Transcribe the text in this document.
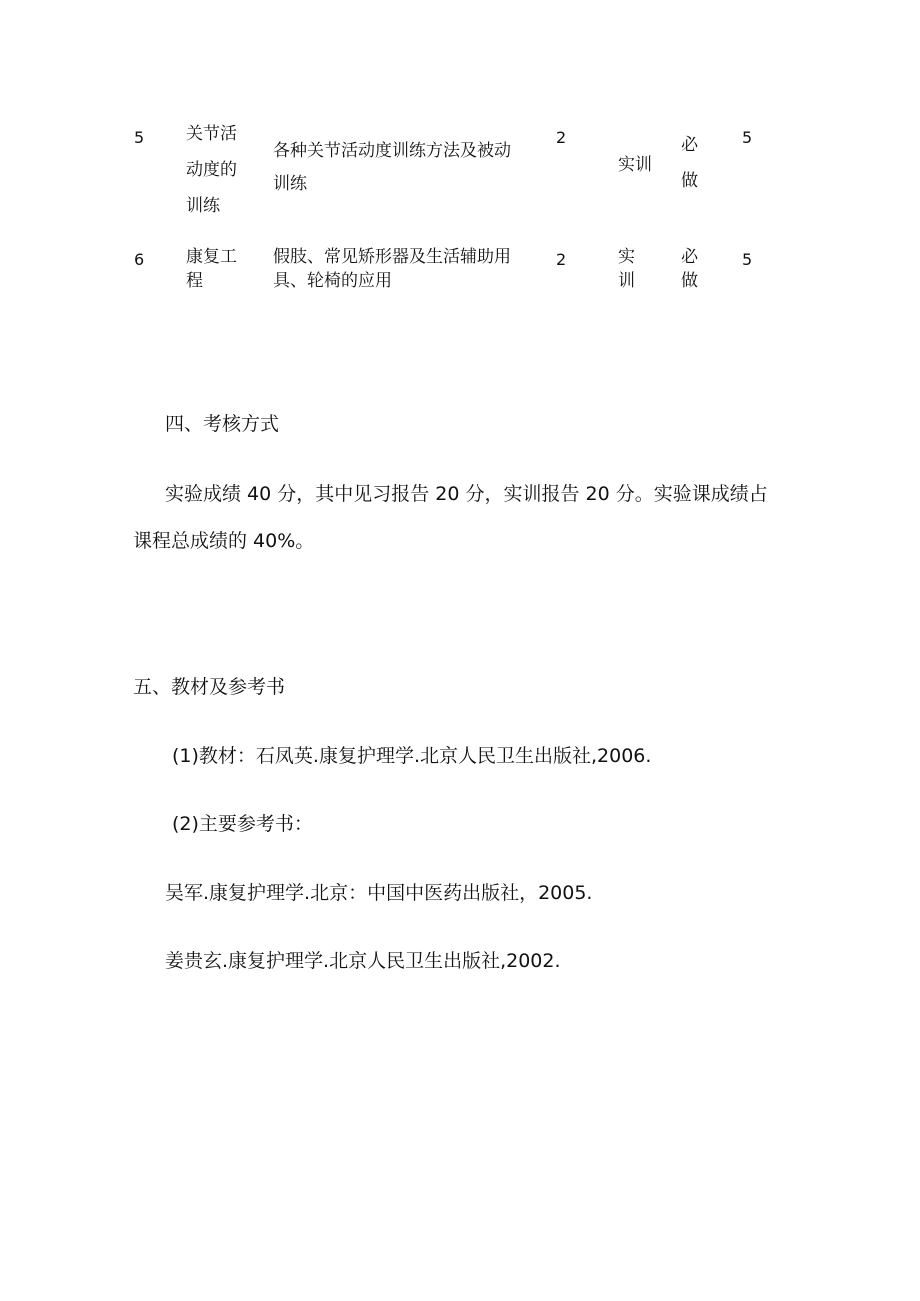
5 关节活
动度的
训练
各种关节活动度训练方法及被动
训练
2
实训
必
做
5
6 康复工
程
假肢、常见矫形器及生活辅助用
具、轮椅的应用
2	实
训
必
做
5
四、考核方式
实验成绩 40 分，其中见习报告 20 分，实训报告 20 分。实验课成绩占
课程总成绩的 40%。
五、教材及参考书
(1)教材：石凤英.康复护理学.北京人民卫生出版社,2006.
(2)主要参考书：
吴军.康复护理学.北京：中国中医药出版社，2005.
姜贵玄.康复护理学.北京人民卫生出版社,2002.
